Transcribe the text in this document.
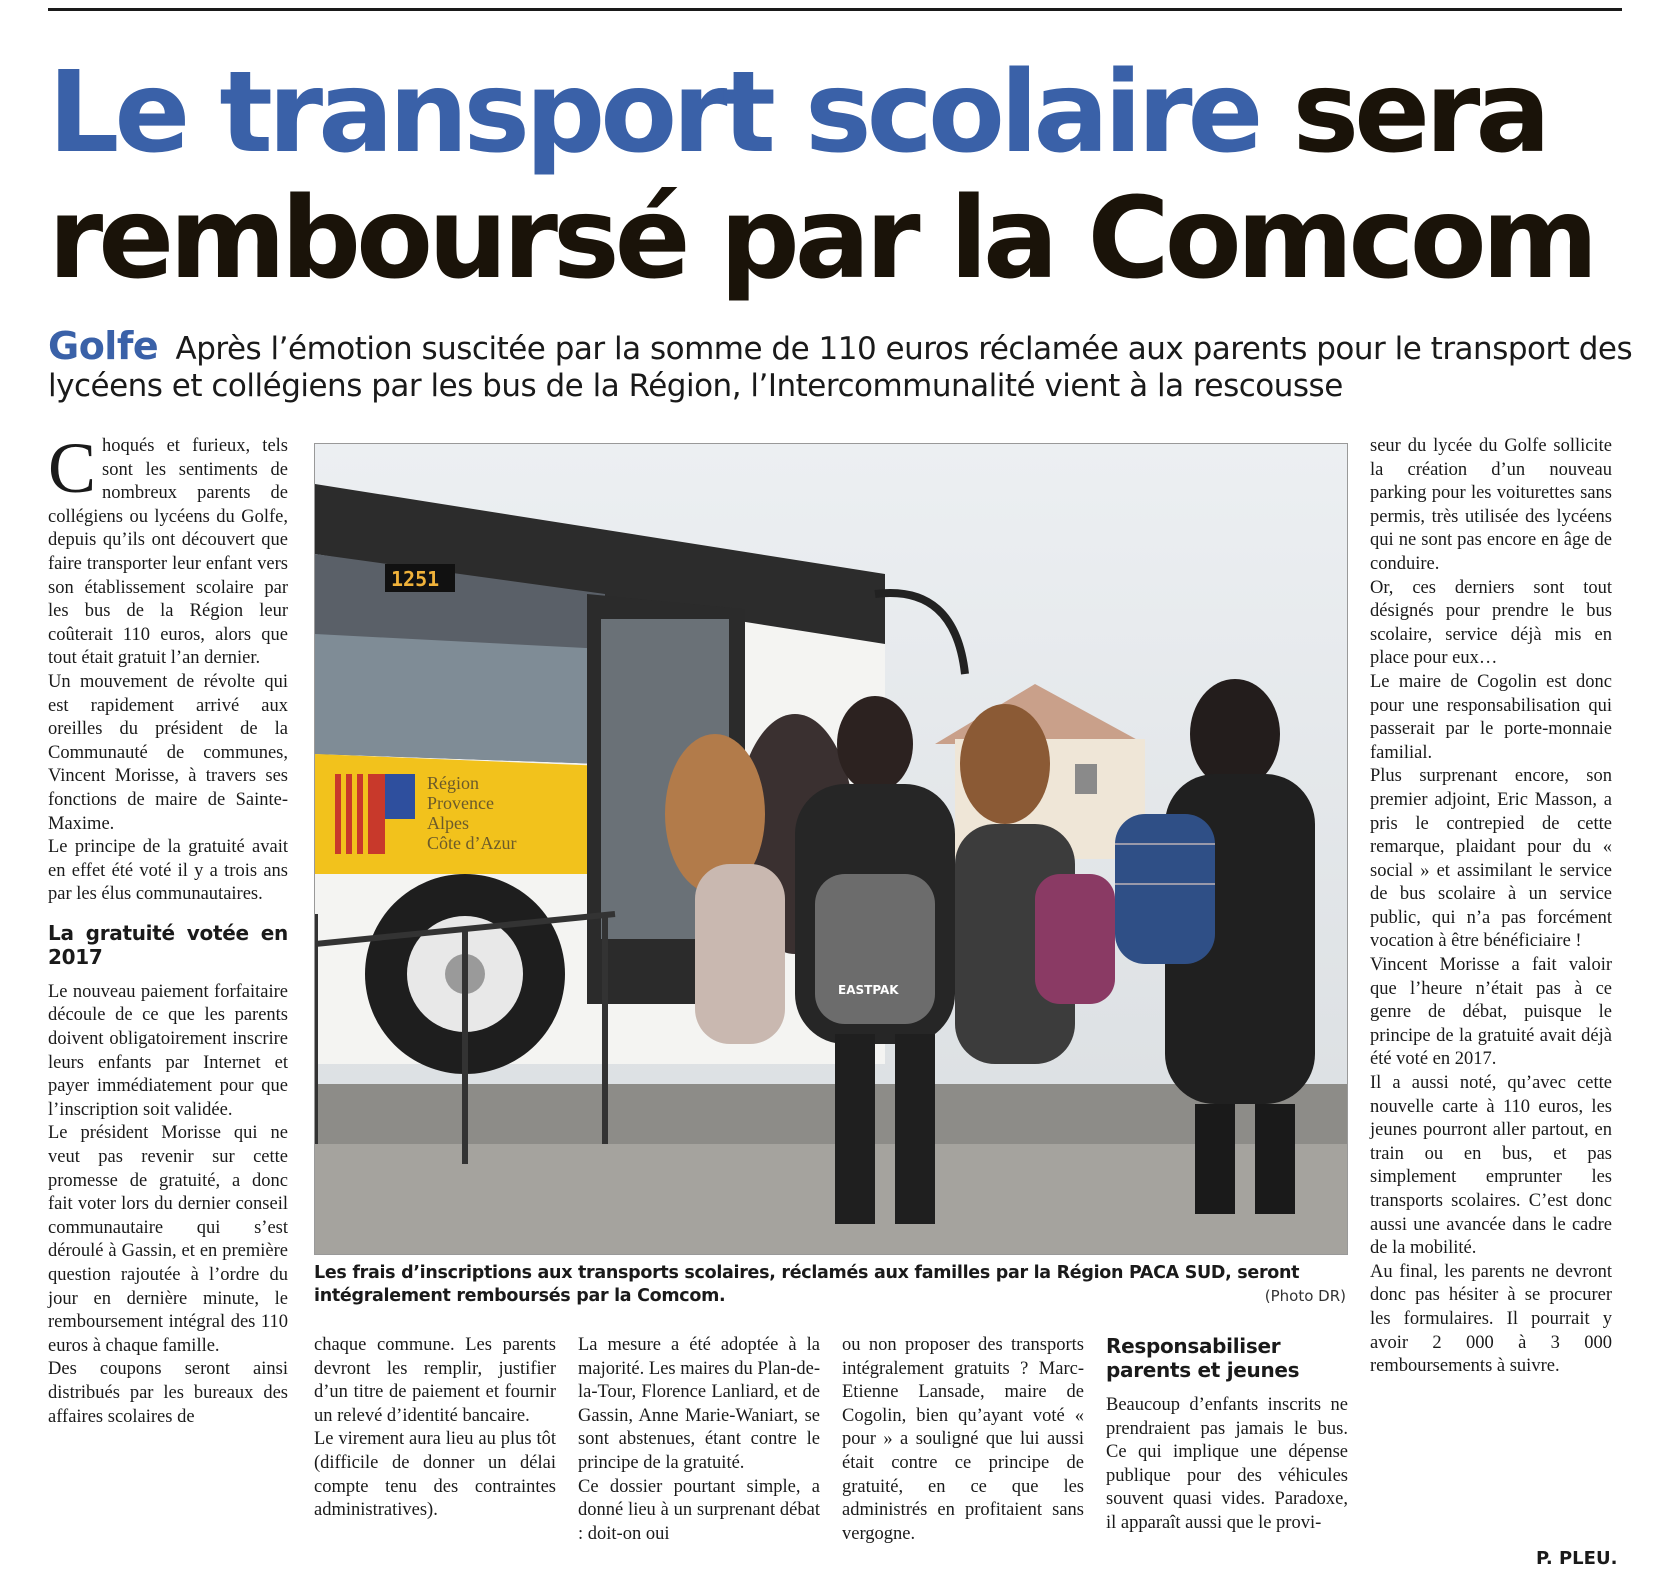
Le transport scolaire sera
remboursé par la Comcom
Golfe Après l’émotion suscitée par la somme de 110 euros réclamée aux parents pour le transport des lycéens et collégiens par les bus de la Région, l’Intercommunalité vient à la rescousse

Choqués et furieux, tels sont les sentiments de nombreux parents de collégiens ou lycéens du Golfe, depuis qu’ils ont découvert que faire transporter leur enfant vers son établissement scolaire par les bus de la Région leur coûterait 110 euros, alors que tout était gratuit l’an dernier.

Un mouvement de révolte qui est rapidement arrivé aux oreilles du président de la Communauté de communes, Vincent Morisse, à travers ses fonctions de maire de Sainte-Maxime.

Le principe de la gratuité avait en effet été voté il y a trois ans par les élus communautaires.

La gratuité votée en 2017

Le nouveau paiement forfaitaire découle de ce que les parents doivent obligatoirement inscrire leurs enfants par Internet et payer immédiatement pour que l’inscription soit validée.

Le président Morisse qui ne veut pas revenir sur cette promesse de gratuité, a donc fait voter lors du dernier conseil communautaire qui s’est déroulé à Gassin, et en première question rajoutée à l’ordre du jour en dernière minute, le remboursement intégral des 110 euros à chaque famille.

Des coupons seront ainsi distribués par les bureaux des affaires scolaires de

1251
Région Provence Alpes Côte d’Azur
EASTPAK
Les frais d’inscriptions aux transports scolaires, réclamés aux familles par la Région PACA SUD, seront intégralement remboursés par la Comcom.	(Photo DR)

chaque commune. Les parents devront les remplir, justifier d’un titre de paiement et fournir un relevé d’identité bancaire.

Le virement aura lieu au plus tôt (difficile de donner un délai compte tenu des contraintes administratives).

La mesure a été adoptée à la majorité. Les maires du Plan-de-la-Tour, Florence Lanliard, et de Gassin, Anne Marie-Waniart, se sont abstenues, étant contre le principe de la gratuité.

Ce dossier pourtant simple, a donné lieu à un surprenant débat : doit-on oui

ou non proposer des transports intégralement gratuits ? Marc-Etienne Lansade, maire de Cogolin, bien qu’ayant voté « pour » a souligné que lui aussi était contre ce principe de gratuité, en ce que les administrés en profitaient sans vergogne.

Responsabiliser parents et jeunes

Beaucoup d’enfants inscrits ne prendraient pas jamais le bus. Ce qui implique une dépense publique pour des véhicules souvent quasi vides. Paradoxe, il apparaît aussi que le provi-

seur du lycée du Golfe sollicite la création d’un nouveau parking pour les voiturettes sans permis, très utilisée des lycéens qui ne sont pas encore en âge de conduire.

Or, ces derniers sont tout désignés pour prendre le bus scolaire, service déjà mis en place pour eux…

Le maire de Cogolin est donc pour une responsabilisation qui passerait par le porte-monnaie familial.

Plus surprenant encore, son premier adjoint, Eric Masson, a pris le contrepied de cette remarque, plaidant pour du « social » et assimilant le service de bus scolaire à un service public, qui n’a pas forcément vocation à être bénéficiaire !

Vincent Morisse a fait valoir que l’heure n’était pas à ce genre de débat, puisque le principe de la gratuité avait déjà été voté en 2017.

Il a aussi noté, qu’avec cette nouvelle carte à 110 euros, les jeunes pourront aller partout, en train ou en bus, et pas simplement emprunter les transports scolaires. C’est donc aussi une avancée dans le cadre de la mobilité.

Au final, les parents ne devront donc pas hésiter à se procurer les formulaires. Il pourrait y avoir 2 000 à 3 000 remboursements à suivre.

P. PLEU.
